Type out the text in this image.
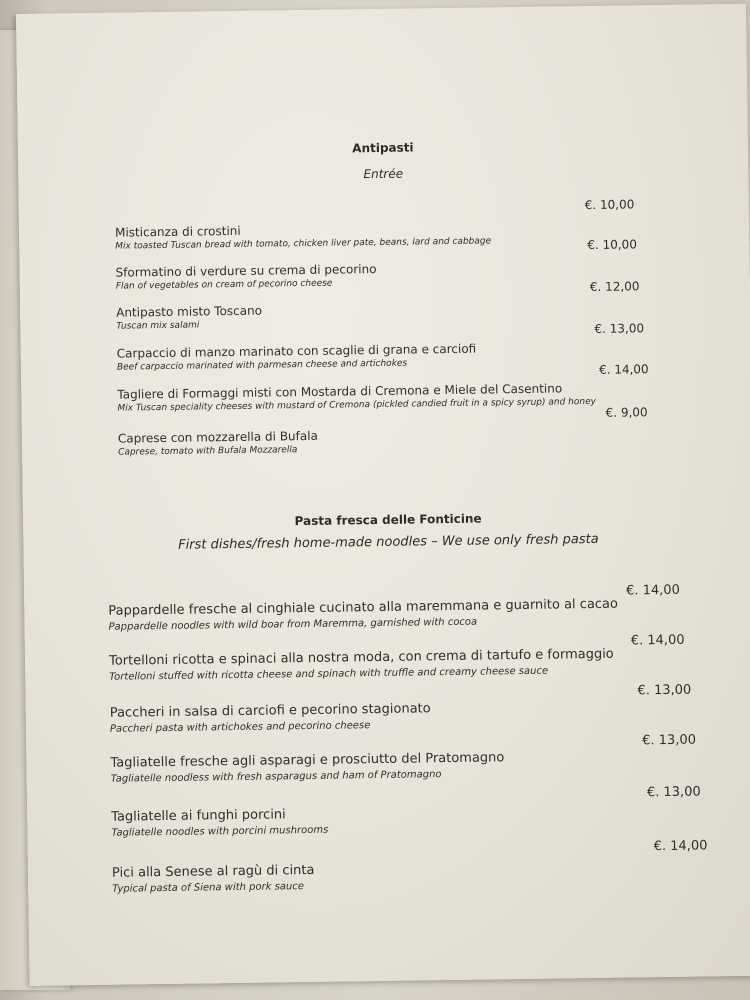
Antipasti
Entrée
Misticanza di crostini
Mix toasted Tuscan bread with tomato, chicken liver pate, beans, lard and cabbage
€. 10,00
Sformatino di verdure su crema di pecorino
Flan of vegetables on cream of pecorino cheese
€. 10,00
Antipasto misto Toscano
Tuscan mix salami
€. 12,00
Carpaccio di manzo marinato con scaglie di grana e carciofi
Beef carpaccio marinated with parmesan cheese and artichokes
€. 13,00
Tagliere di Formaggi misti con Mostarda di Cremona e Miele del Casentino
Mix Tuscan speciality cheeses with mustard of Cremona (pickled candied fruit in a spicy syrup) and honey
€. 14,00
Caprese con mozzarella di Bufala
Caprese, tomato with Bufala Mozzarella
€. 9,00
Pasta fresca delle Fonticine
First dishes/fresh home-made noodles – We use only fresh pasta
Pappardelle fresche al cinghiale cucinato alla maremmana e guarnito al cacao
Pappardelle noodles with wild boar from Maremma, garnished with cocoa
€. 14,00
Tortelloni ricotta e spinaci alla nostra moda, con crema di tartufo e formaggio
Tortelloni stuffed with ricotta cheese and spinach with truffle and creamy cheese sauce
€. 14,00
Paccheri in salsa di carciofi e pecorino stagionato
Paccheri pasta with artichokes and pecorino cheese
€. 13,00
Tagliatelle fresche agli asparagi e prosciutto del Pratomagno
Tagliatelle noodless with fresh asparagus and ham of Pratomagno
€. 13,00
Tagliatelle ai funghi porcini
Tagliatelle noodles with porcini mushrooms
€. 13,00
Pici alla Senese al ragù di cinta
Typical pasta of Siena with pork sauce
€. 14,00
